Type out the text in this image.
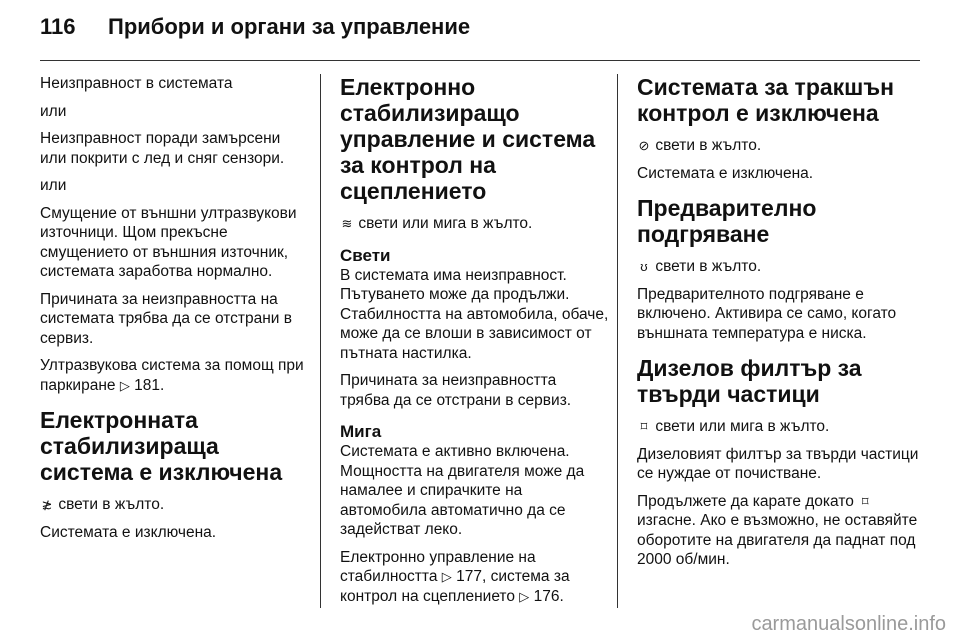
116	Прибори и органи за управление

Неизправност в системата

или

Неизправност поради замърсени или покрити с лед и сняг сензори.

или

Смущение от външни ултразвукови източници. Щом прекъсне смущението от външния източник, системата заработва нормално.

Причината за неизправността на системата трябва да се отстрани в сервиз.

Ултразвукова система за помощ при паркиране ▷ 181.

Електронната стабилизираща система е изключена

≵ свети в жълто.

Системата е изключена.

Електронно стабилизиращо управление и система за контрол на сцеплението

≋ свети или мига в жълто.

Свети

В системата има неизправност. Пътуването може да продължи. Стабилността на автомобила, обаче, може да се влоши в зависимост от пътната настилка.

Причината за неизправността трябва да се отстрани в сервиз.

Мига

Системата е активно включена. Мощността на двигателя може да намалее и спирачките на автомобила автоматично да се задействат леко.

Електронно управление на стабилността ▷ 177, система за контрол на сцеплението ▷ 176.

Системата за тракшън контрол е изключена

⊘ свети в жълто.

Системата е изключена.

Предварително подгряване

ʊ свети в жълто.

Предварителното подгряване е включено. Активира се само, когато външната температура е ниска.

Дизелов филтър за твърди частици

⌑ свети или мига в жълто.

Дизеловият филтър за твърди частици се нуждае от почистване.

Продължете да карате докато ⌑ изгасне. Ако е възможно, не оставяйте оборотите на двигателя да паднат под 2000 об/мин.

carmanualsonline.info
